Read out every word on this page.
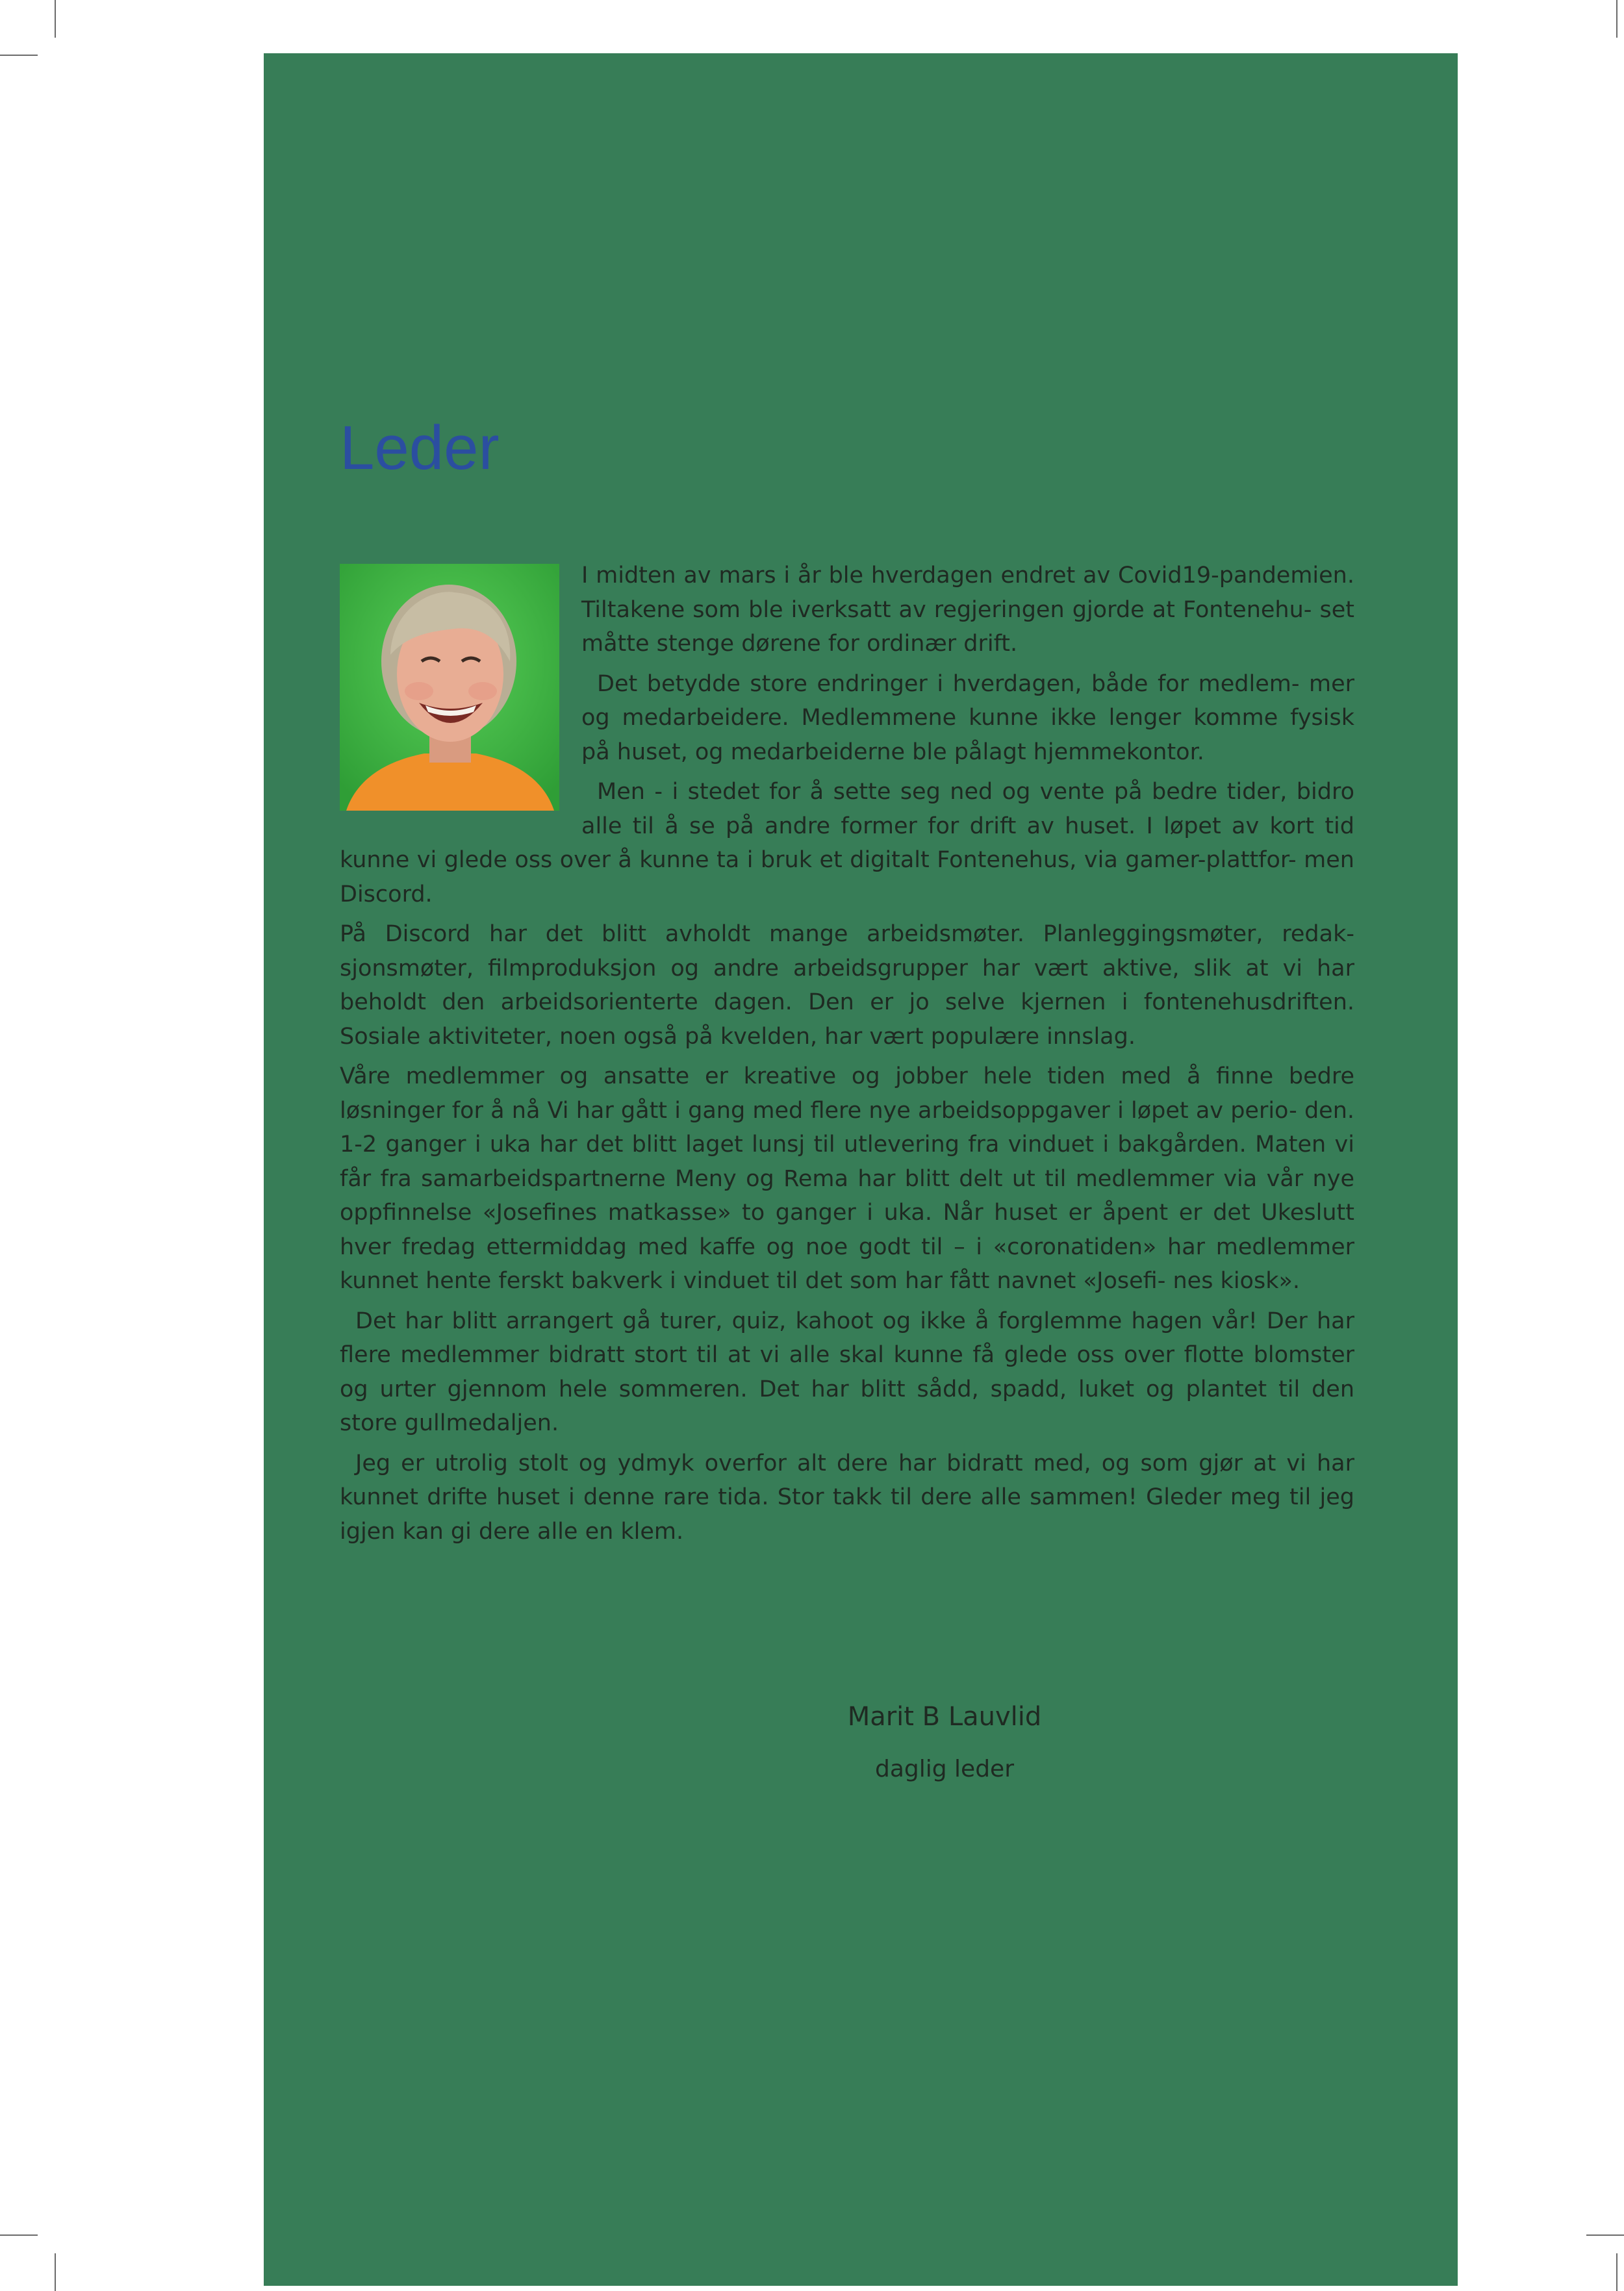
Leder

I midten av mars i år ble hverdagen endret av Covid19-pandemien. Tiltakene som ble iverksatt av regjeringen gjorde at Fontenehu- set måtte stenge dørene for ordinær drift.

Det betydde store endringer i hverdagen, både for medlem- mer og medarbeidere. Medlemmene kunne ikke lenger komme fysisk på huset, og medarbeiderne ble pålagt hjemmekontor.

Men - i stedet for å sette seg ned og vente på bedre tider, bidro alle til å se på andre former for drift av huset. I løpet av kort tid kunne vi glede oss over å kunne ta i bruk et digitalt Fontenehus, via gamer-plattfor- men Discord.

På Discord har det blitt avholdt mange arbeidsmøter. Planleggingsmøter, redak- sjonsmøter, filmproduksjon og andre arbeidsgrupper har vært aktive, slik at vi har beholdt den arbeidsorienterte dagen. Den er jo selve kjernen i fontenehusdriften. Sosiale aktiviteter, noen også på kvelden, har vært populære innslag.

Våre medlemmer og ansatte er kreative og jobber hele tiden med å finne bedre løsninger for å nå Vi har gått i gang med flere nye arbeidsoppgaver i løpet av perio- den. 1-2 ganger i uka har det blitt laget lunsj til utlevering fra vinduet i bakgården. Maten vi får fra samarbeidspartnerne Meny og Rema har blitt delt ut til medlemmer via vår nye oppfinnelse «Josefines matkasse» to ganger i uka. Når huset er åpent er det Ukeslutt hver fredag ettermiddag med kaffe og noe godt til – i «coronatiden» har medlemmer kunnet hente ferskt bakverk i vinduet til det som har fått navnet «Josefi- nes kiosk».

Det har blitt arrangert gå turer, quiz, kahoot og ikke å forglemme hagen vår! Der har flere medlemmer bidratt stort til at vi alle skal kunne få glede oss over flotte blomster og urter gjennom hele sommeren. Det har blitt sådd, spadd, luket og plantet til den store gullmedaljen.

Jeg er utrolig stolt og ydmyk overfor alt dere har bidratt med, og som gjør at vi har kunnet drifte huset i denne rare tida. Stor takk til dere alle sammen! Gleder meg til jeg igjen kan gi dere alle en klem.

Marit B Lauvlid
daglig leder
